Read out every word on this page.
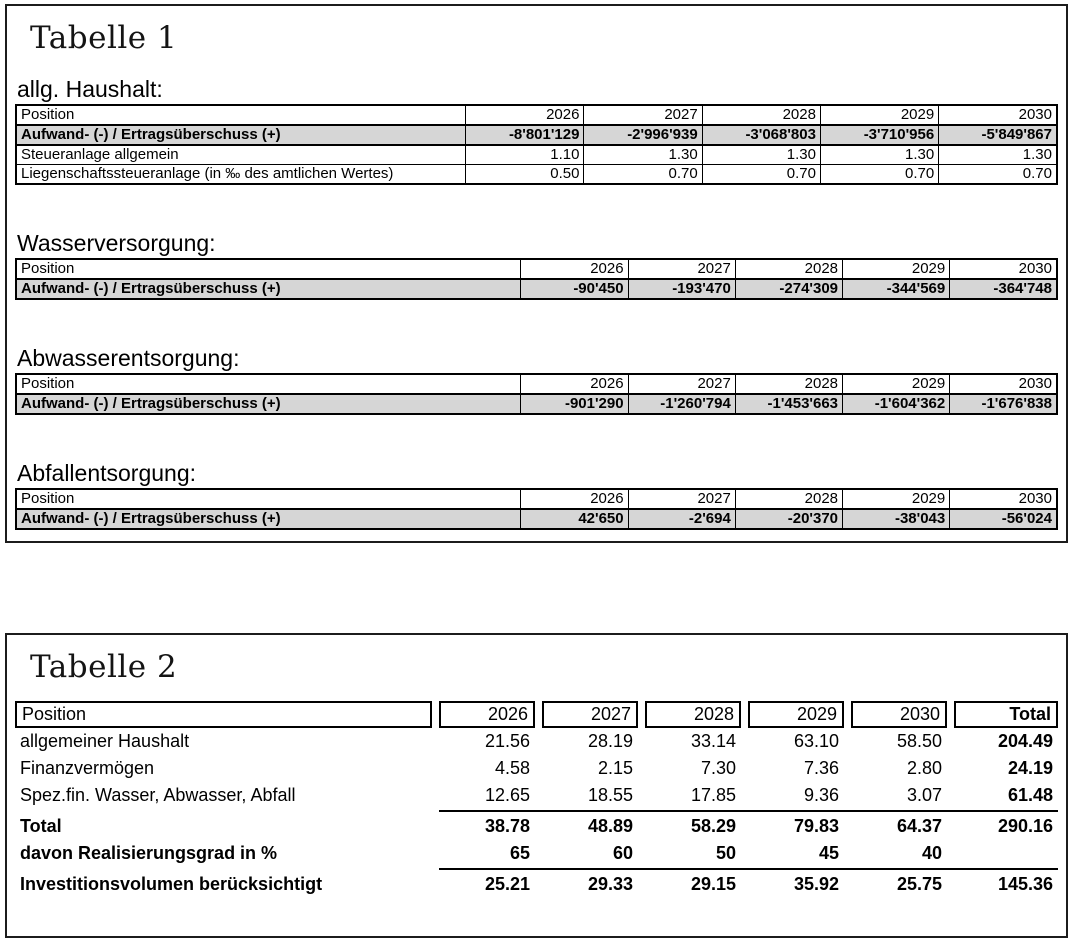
Tabelle 1
allg. Haushalt:
Position	2026	2027	2028	2029	2030
Aufwand- (-) / Ertragsüberschuss (+)	-8'801'129	-2'996'939	-3'068'803	-3'710'956	-5'849'867
Steueranlage allgemein	1.10	1.30	1.30	1.30	1.30
Liegenschaftssteueranlage (in ‰ des amtlichen Wertes)	0.50	0.70	0.70	0.70	0.70
Wasserversorgung:
Position	2026	2027	2028	2029	2030
Aufwand- (-) / Ertragsüberschuss (+)	-90'450	-193'470	-274'309	-344'569	-364'748
Abwasserentsorgung:
Position	2026	2027	2028	2029	2030
Aufwand- (-) / Ertragsüberschuss (+)	-901'290	-1'260'794	-1'453'663	-1'604'362	-1'676'838
Abfallentsorgung:
Position	2026	2027	2028	2029	2030
Aufwand- (-) / Ertragsüberschuss (+)	42'650	-2'694	-20'370	-38'043	-56'024
Tabelle 2
Position	2026	2027	2028	2029	2030	Total
allgemeiner Haushalt	21.56	28.19	33.14	63.10	58.50	204.49
Finanzvermögen	4.58	2.15	7.30	7.36	2.80	24.19
Spez.fin. Wasser, Abwasser, Abfall	12.65	18.55	17.85	9.36	3.07	61.48
Total	38.78	48.89	58.29	79.83	64.37	290.16
davon Realisierungsgrad in %	65	60	50	45	40
Investitionsvolumen berücksichtigt	25.21	29.33	29.15	35.92	25.75	145.36
